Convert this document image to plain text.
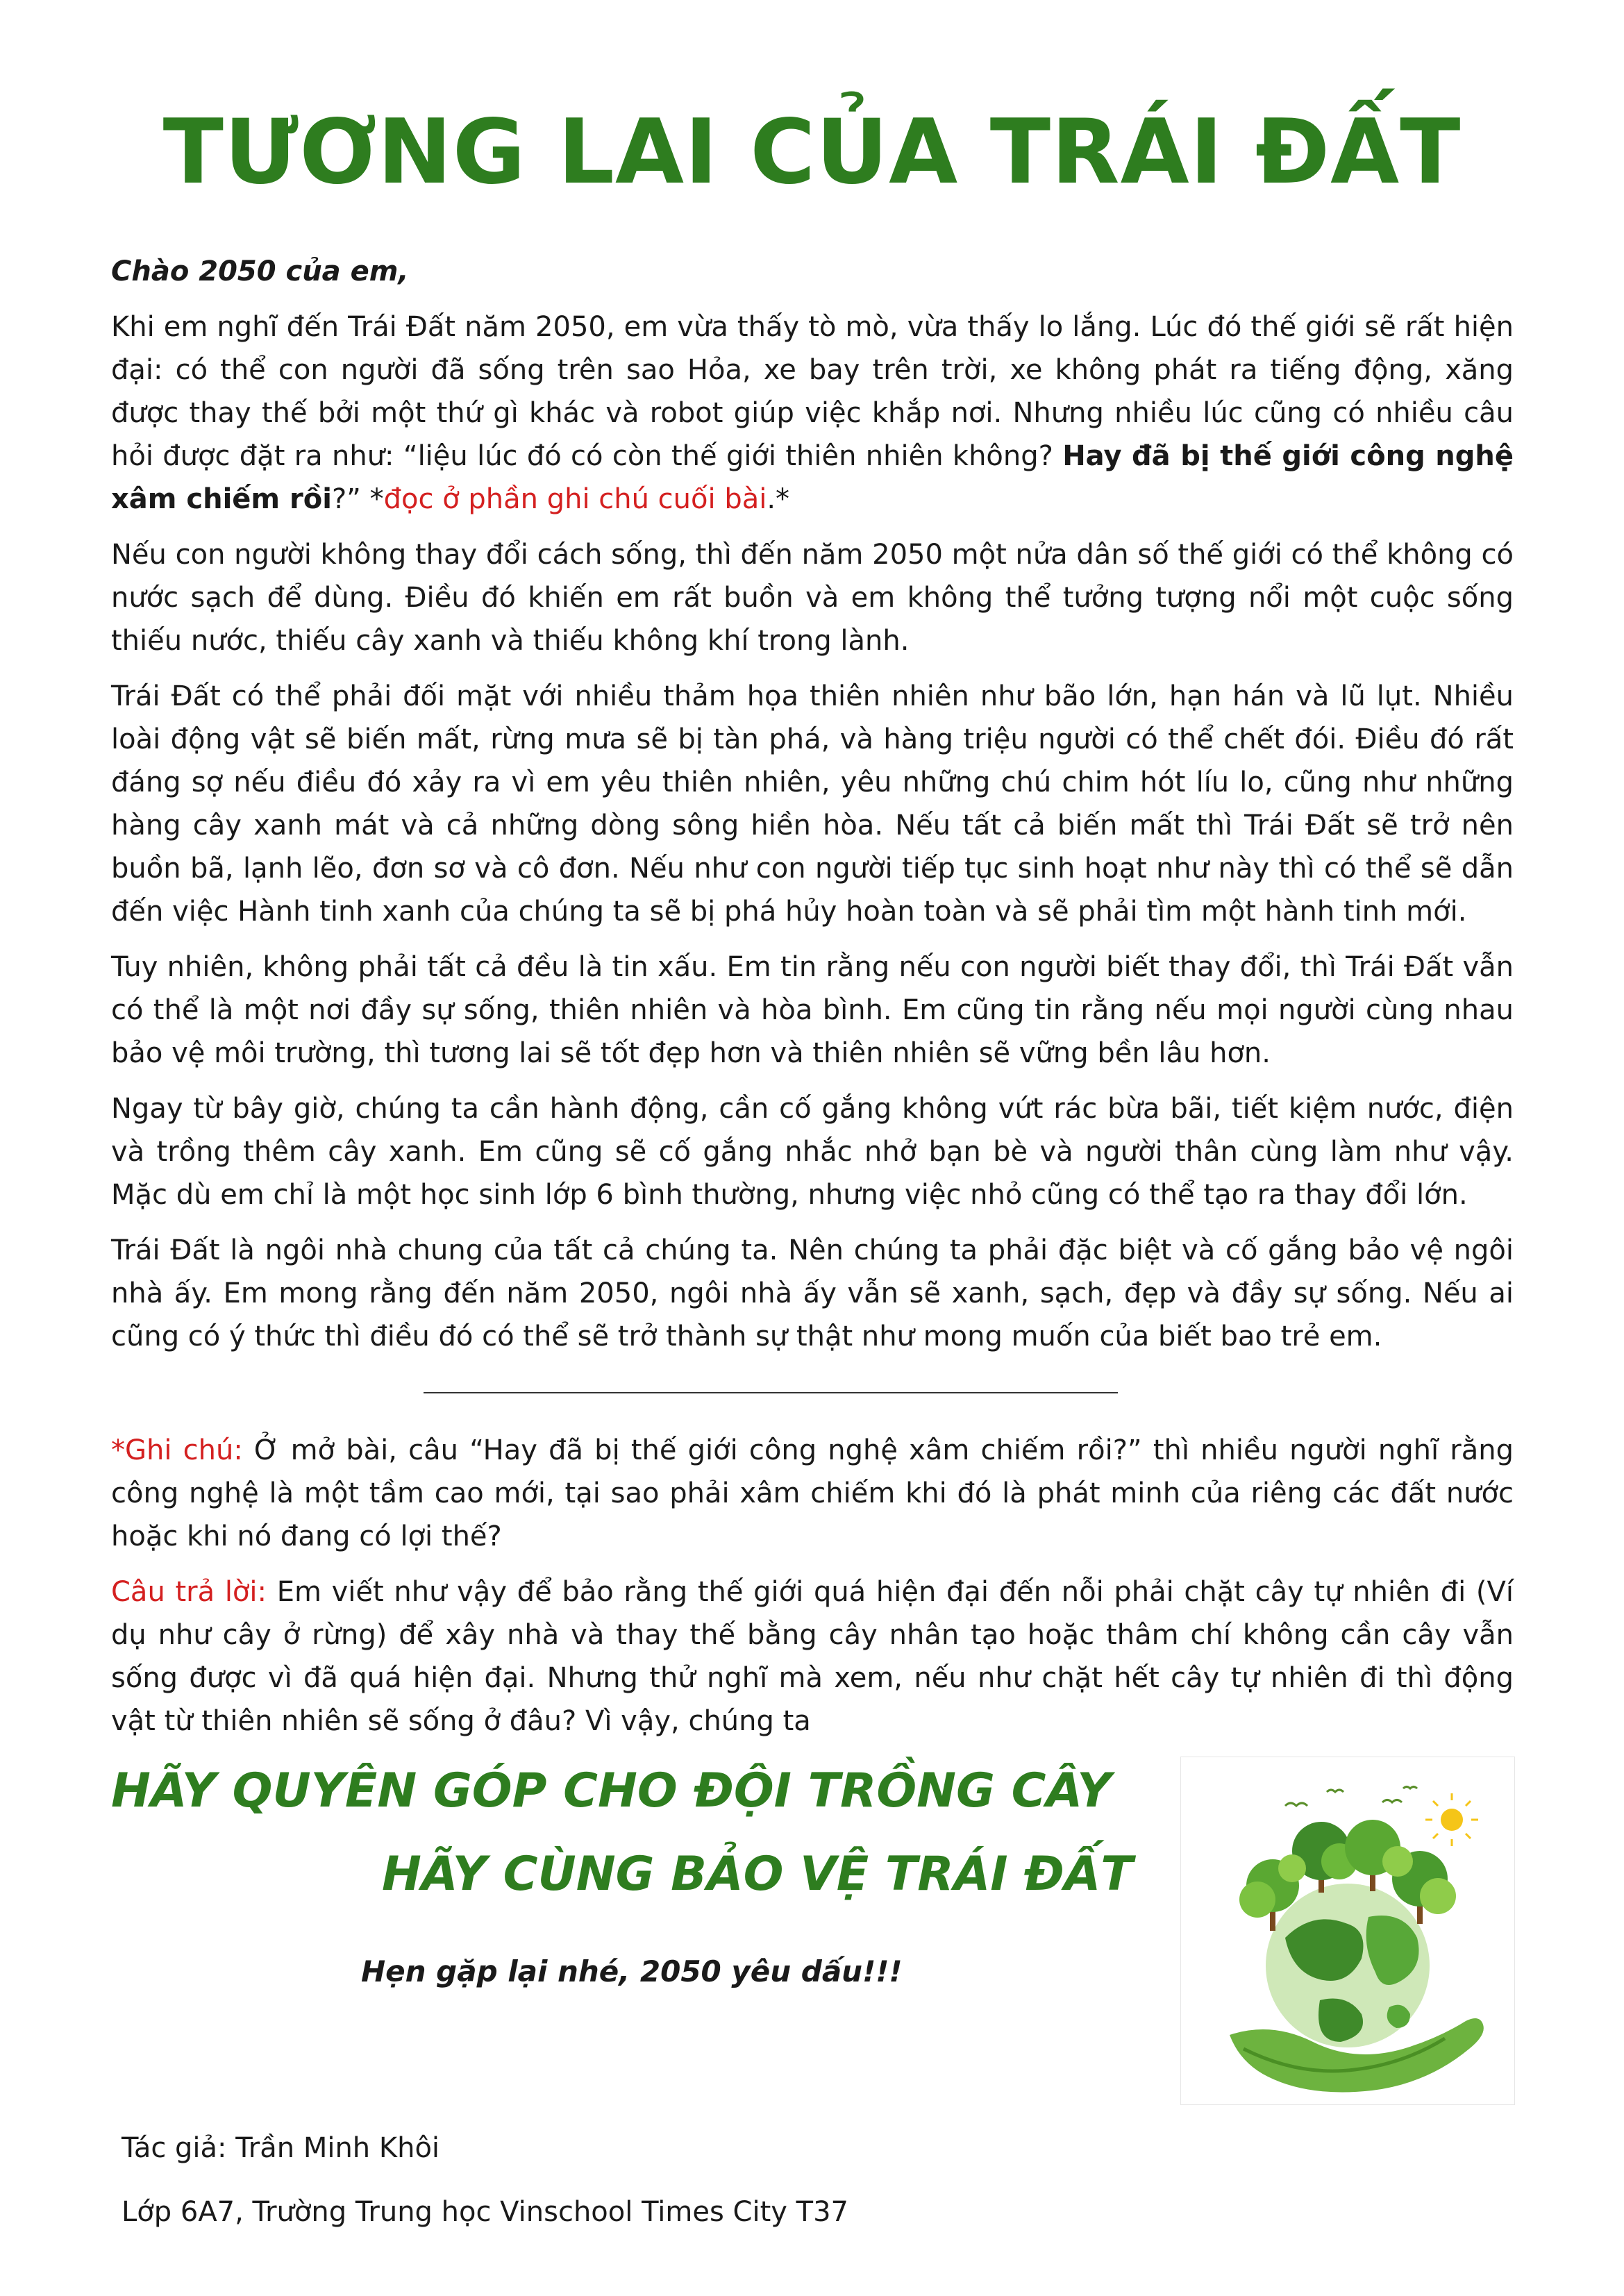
TƯƠNG LAI CỦA TRÁI ĐẤT

Chào 2050 của em,

Khi em nghĩ đến Trái Đất năm 2050, em vừa thấy tò mò, vừa thấy lo lắng. Lúc đó thế giới sẽ rất hiện đại: có thể con người đã sống trên sao Hỏa, xe bay trên trời, xe không phát ra tiếng động, xăng được thay thế bởi một thứ gì khác và robot giúp việc khắp nơi. Nhưng nhiều lúc cũng có nhiều câu hỏi được đặt ra như: “liệu lúc đó có còn thế giới thiên nhiên không? Hay đã bị thế giới công nghệ xâm chiếm rồi?” *đọc ở phần ghi chú cuối bài.*

Nếu con người không thay đổi cách sống, thì đến năm 2050 một nửa dân số thế giới có thể không có nước sạch để dùng. Điều đó khiến em rất buồn và em không thể tưởng tượng nổi một cuộc sống thiếu nước, thiếu cây xanh và thiếu không khí trong lành.

Trái Đất có thể phải đối mặt với nhiều thảm họa thiên nhiên như bão lớn, hạn hán và lũ lụt. Nhiều loài động vật sẽ biến mất, rừng mưa sẽ bị tàn phá, và hàng triệu người có thể chết đói. Điều đó rất đáng sợ nếu điều đó xảy ra vì em yêu thiên nhiên, yêu những chú chim hót líu lo, cũng như những hàng cây xanh mát và cả những dòng sông hiền hòa. Nếu tất cả biến mất thì Trái Đất sẽ trở nên buồn bã, lạnh lẽo, đơn sơ và cô đơn. Nếu như con người tiếp tục sinh hoạt như này thì có thể sẽ dẫn đến việc Hành tinh xanh của chúng ta sẽ bị phá hủy hoàn toàn và sẽ phải tìm một hành tinh mới.

Tuy nhiên, không phải tất cả đều là tin xấu. Em tin rằng nếu con người biết thay đổi, thì Trái Đất vẫn có thể là một nơi đầy sự sống, thiên nhiên và hòa bình. Em cũng tin rằng nếu mọi người cùng nhau bảo vệ môi trường, thì tương lai sẽ tốt đẹp hơn và thiên nhiên sẽ vững bền lâu hơn.

Ngay từ bây giờ, chúng ta cần hành động, cần cố gắng không vứt rác bừa bãi, tiết kiệm nước, điện và trồng thêm cây xanh. Em cũng sẽ cố gắng nhắc nhở bạn bè và người thân cùng làm như vậy. Mặc dù em chỉ là một học sinh lớp 6 bình thường, nhưng việc nhỏ cũng có thể tạo ra thay đổi lớn.

Trái Đất là ngôi nhà chung của tất cả chúng ta. Nên chúng ta phải đặc biệt và cố gắng bảo vệ ngôi nhà ấy. Em mong rằng đến năm 2050, ngôi nhà ấy vẫn sẽ xanh, sạch, đẹp và đầy sự sống. Nếu ai cũng có ý thức thì điều đó có thể sẽ trở thành sự thật như mong muốn của biết bao trẻ em.

*Ghi chú: Ở mở bài, câu “Hay đã bị thế giới công nghệ xâm chiếm rồi?” thì nhiều người nghĩ rằng công nghệ là một tầm cao mới, tại sao phải xâm chiếm khi đó là phát minh của riêng các đất nước hoặc khi nó đang có lợi thế?

Câu trả lời: Em viết như vậy để bảo rằng thế giới quá hiện đại đến nỗi phải chặt cây tự nhiên đi (Ví dụ như cây ở rừng) để xây nhà và thay thế bằng cây nhân tạo hoặc thâm chí không cần cây vẫn sống được vì đã quá hiện đại. Nhưng thử nghĩ mà xem, nếu như chặt hết cây tự nhiên đi thì động vật từ thiên nhiên sẽ sống ở đâu? Vì vậy, chúng ta

HÃY QUYÊN GÓP CHO ĐỘI TRỒNG CÂY

HÃY CÙNG BẢO VỆ TRÁI ĐẤT

Hẹn gặp lại nhé, 2050 yêu dấu!!!

Tác giả: Trần Minh Khôi
Lớp 6A7, Trường Trung học Vinschool Times City T37
